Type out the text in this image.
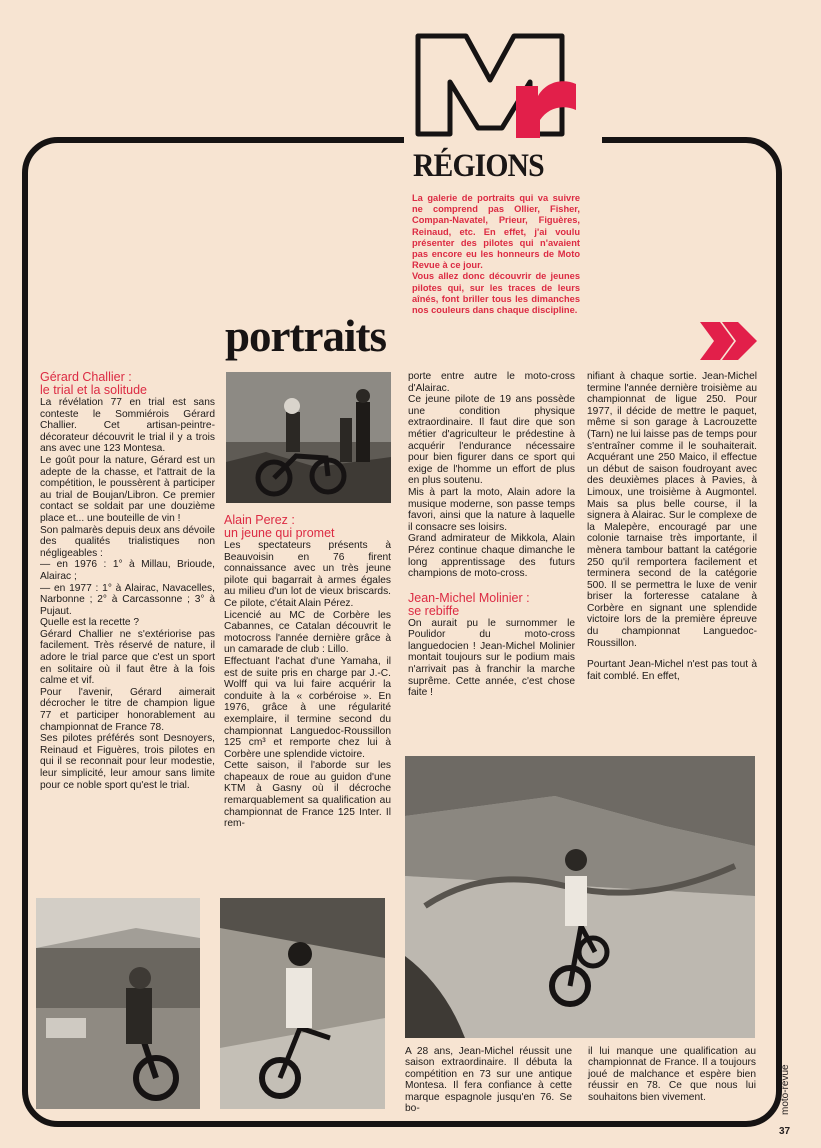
RÉGIONS

La galerie de portraits qui va suivre ne comprend pas Ollier, Fisher, Compan-Navatel, Prieur, Figuères, Reinaud, etc. En effet, j'ai voulu présenter des pilotes qui n'avaient pas encore eu les honneurs de Moto Revue à ce jour.

Vous allez donc découvrir de jeunes pilotes qui, sur les traces de leurs aînés, font briller tous les dimanches nos couleurs dans chaque discipline.

portraits

Gérard Challier :

le trial et la solitude

La révélation 77 en trial est sans conteste le Sommiérois Gérard Challier. Cet artisan-peintre-décorateur découvrit le trial il y a trois ans avec une 123 Montesa.

Le goût pour la nature, Gérard est un adepte de la chasse, et l'attrait de la compétition, le poussèrent à participer au trial de Boujan/Libron. Ce premier contact se soldait par une douzième place et... une bouteille de vin !

Son palmarès depuis deux ans dévoile des qualités trialistiques non négligeables :

— en 1976 : 1° à Millau, Brioude, Alairac ;

— en 1977 : 1° à Alairac, Navacelles, Narbonne ; 2° à Carcassonne ; 3° à Pujaut.

Quelle est la recette ?

Gérard Challier ne s'extériorise pas facilement. Très réservé de nature, il adore le trial parce que c'est un sport en solitaire où il faut être à la fois calme et vif.

Pour l'avenir, Gérard aimerait décrocher le titre de champion ligue 77 et participer honorablement au championnat de France 78.

Ses pilotes préférés sont Desnoyers, Reinaud et Figuères, trois pilotes en qui il se reconnait pour leur modestie, leur simplicité, leur amour sans limite pour ce noble sport qu'est le trial.

Alain Perez :

un jeune qui promet

Les spectateurs présents à Beauvoisin en 76 firent connaissance avec un très jeune pilote qui bagarrait à armes égales au milieu d'un lot de vieux briscards. Ce pilote, c'était Alain Pérez.

Licencié au MC de Corbère les Cabannes, ce Catalan découvrit le motocross l'année dernière grâce à un camarade de club : Lillo.

Effectuant l'achat d'une Yamaha, il est de suite pris en charge par J.-C. Wolff qui va lui faire acquérir la conduite à la « corbéroise ». En 1976, grâce à une régularité exemplaire, il termine second du championnat Languedoc-Roussillon 125 cm³ et remporte chez lui à Corbère une splendide victoire.

Cette saison, il l'aborde sur les chapeaux de roue au guidon d'une KTM à Gasny où il décroche remarquablement sa qualification au championnat de France 125 Inter. Il rem-

porte entre autre le moto-cross d'Alairac.

Ce jeune pilote de 19 ans possède une condition physique extraordinaire. Il faut dire que son métier d'agriculteur le prédestine à acquérir l'endurance nécessaire pour bien figurer dans ce sport qui exige de l'homme un effort de plus en plus soutenu.

Mis à part la moto, Alain adore la musique moderne, son passe temps favori, ainsi que la nature à laquelle il consacre ses loisirs.

Grand admirateur de Mikkola, Alain Pérez continue chaque dimanche le long apprentissage des futurs champions de moto-cross.

Jean-Michel Molinier :

se rebiffe

On aurait pu le surnommer le Poulidor du moto-cross languedocien ! Jean-Michel Molinier montait toujours sur le podium mais n'arrivait pas à franchir la marche suprême. Cette année, c'est chose faite !

nifiant à chaque sortie. Jean-Michel termine l'année dernière troisième au championnat de ligue 250. Pour 1977, il décide de mettre le paquet, même si son garage à Lacrouzette (Tarn) ne lui laisse pas de temps pour s'entraîner comme il le souhaiterait. Acquérant une 250 Maico, il effectue un début de saison foudroyant avec des deuxièmes places à Pavies, à Limoux, une troisième à Augmontel. Mais sa plus belle course, il la signera à Alairac. Sur le complexe de la Malepère, encouragé par une colonie tarnaise très importante, il mènera tambour battant la catégorie 250 qu'il remportera facilement et terminera second de la catégorie 500. Il se permettra le luxe de venir briser la forteresse catalane à Corbère en signant une splendide victoire lors de la première épreuve du championnat Languedoc-Roussillon.

Pourtant Jean-Michel n'est pas tout à fait comblé. En effet,

A 28 ans, Jean-Michel réussit une saison extraordinaire. Il débuta la compétition en 73 sur une antique Montesa. Il fera confiance à cette marque espagnole jusqu'en 76. Se bo-

il lui manque une qualification au championnat de France. Il a toujours joué de malchance et espère bien réussir en 78. Ce que nous lui souhaitons bien vivement.	moto-revue
37
